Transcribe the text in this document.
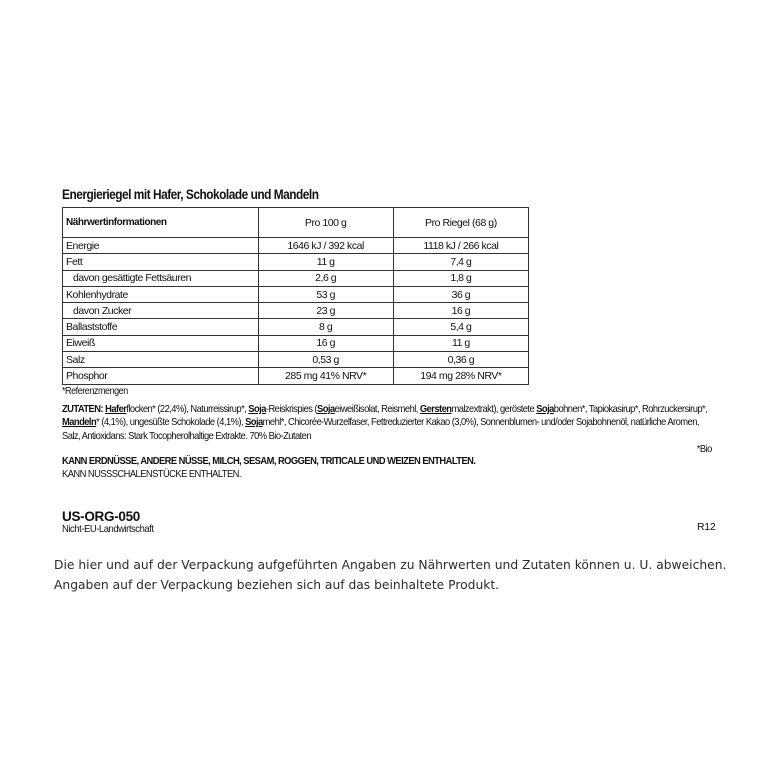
Energieriegel mit Hafer, Schokolade und Mandeln
Nährwertinformationen	Pro 100 g	Pro Riegel (68 g)
Energie	1646 kJ / 392 kcal	1118 kJ / 266 kcal
Fett	11 g	7,4 g
davon gesättigte Fettsäuren	2,6 g	1,8 g
Kohlenhydrate	53 g	36 g
davon Zucker	23 g	16 g
Ballaststoffe	8 g	5,4 g
Eiweiß	16 g	11 g
Salz	0,53 g	0,36 g
Phosphor	285 mg 41% NRV*	194 mg 28% NRV*
*Referenzmengen
ZUTATEN: Haferflocken* (22,4%), Naturreissirup*, Soja-Reiskrispies (Sojaeiweißisolat, Reismehl, Gerstenmalzextrakt), geröstete Sojabohnen*, Tapiokasirup*, Rohrzuckersirup*, Mandeln* (4,1%), ungesüßte Schokolade (4,1%), Sojamehl*, Chicorée-Wurzelfaser, Fettreduzierter Kakao (3,0%), Sonnenblumen- und/oder Sojabohnenöl, natürliche Aromen, Salz, Antioxidans: Stark Tocopherolhaltige Extrakte. 70% Bio-Zutaten
*Bio
KANN ERDNÜSSE, ANDERE NÜSSE, MILCH, SESAM, ROGGEN, TRITICALE UND WEIZEN ENTHALTEN.
KANN NUSSSCHALENSTÜCKE ENTHALTEN.
US-ORG-050
Nicht-EU-Landwirtschaft	R12

Die hier und auf der Verpackung aufgeführten Angaben zu Nährwerten und Zutaten können u. U. abweichen.

Angaben auf der Verpackung beziehen sich auf das beinhaltete Produkt.
